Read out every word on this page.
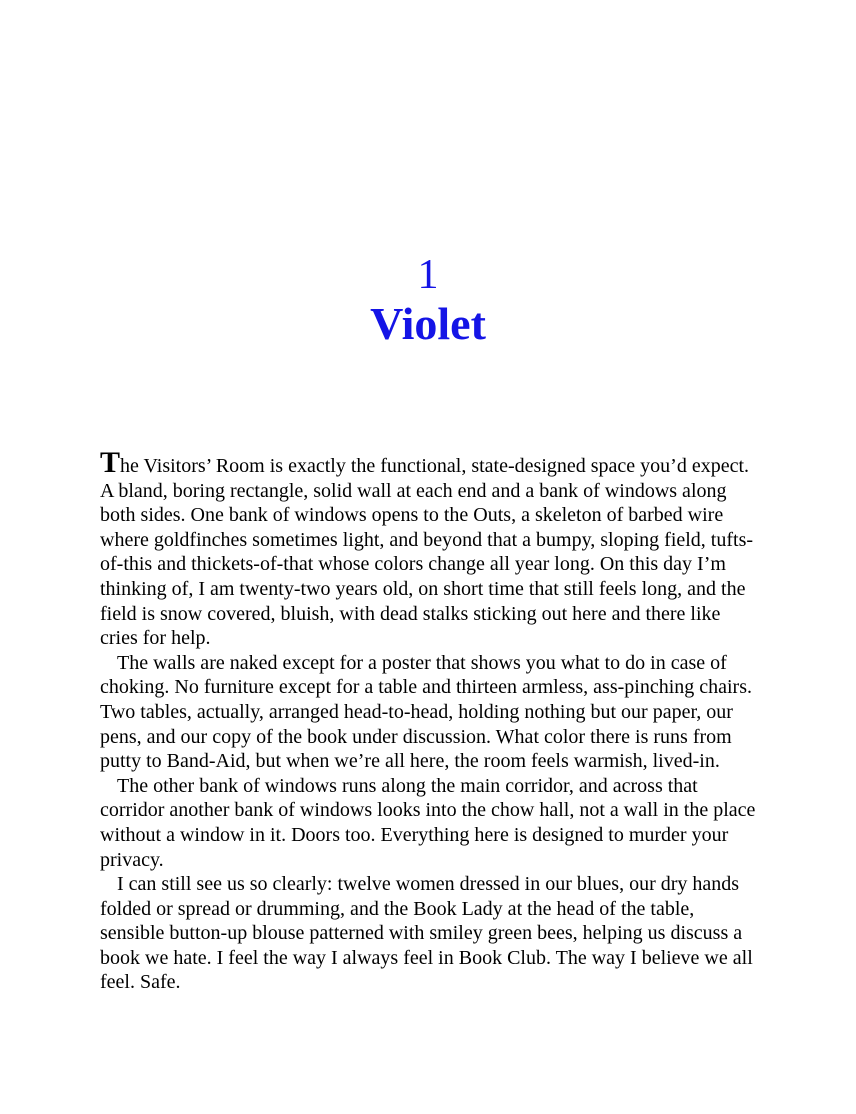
1
Violet

The Visitors’ Room is exactly the functional, state-designed space you’d expect. A bland, boring rectangle, solid wall at each end and a bank of windows along both sides. One bank of windows opens to the Outs, a skeleton of barbed wire where goldfinches sometimes light, and beyond that a bumpy, sloping field, tufts-of-this and thickets-of-that whose colors change all year long. On this day I’m thinking of, I am twenty-two years old, on short time that still feels long, and the field is snow covered, bluish, with dead stalks sticking out here and there like cries for help.

The walls are naked except for a poster that shows you what to do in case of choking. No furniture except for a table and thirteen armless, ass-pinching chairs. Two tables, actually, arranged head-to-head, holding nothing but our paper, our pens, and our copy of the book under discussion. What color there is runs from putty to Band-Aid, but when we’re all here, the room feels warmish, lived-in.

The other bank of windows runs along the main corridor, and across that corridor another bank of windows looks into the chow hall, not a wall in the place without a window in it. Doors too. Everything here is designed to murder your privacy.

I can still see us so clearly: twelve women dressed in our blues, our dry hands folded or spread or drumming, and the Book Lady at the head of the table, sensible button-up blouse patterned with smiley green bees, helping us discuss a book we hate. I feel the way I always feel in Book Club. The way I believe we all feel. Safe.
